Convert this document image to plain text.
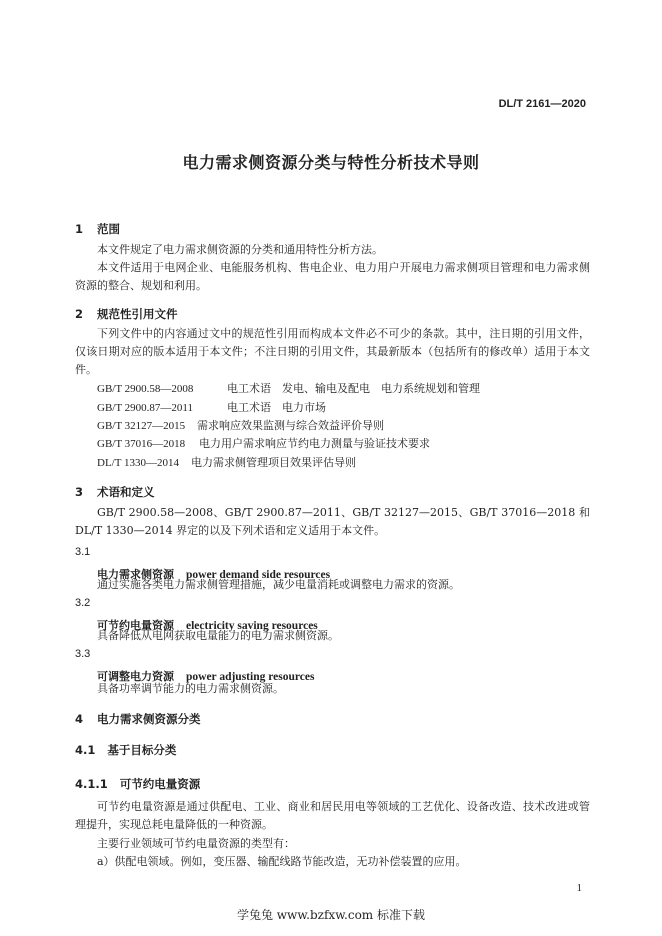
DL/T 2161—2020
电力需求侧资源分类与特性分析技术导则
1 范围
本文件规定了电力需求侧资源的分类和通用特性分析方法。
本文件适用于电网企业、电能服务机构、售电企业、电力用户开展电力需求侧项目管理和电力需求侧资源的整合、规划和利用。
2 规范性引用文件
下列文件中的内容通过文中的规范性引用而构成本文件必不可少的条款。其中，注日期的引用文件，仅该日期对应的版本适用于本文件；不注日期的引用文件，其最新版本（包括所有的修改单）适用于本文件。
GB/T 2900.58—2008	电工术语　发电、输电及配电　电力系统规划和管理
GB/T 2900.87—2011	电工术语　电力市场
GB/T 32127—2015 需求响应效果监测与综合效益评价导则
GB/T 37016—2018 电力用户需求响应节约电力测量与验证技术要求
DL/T 1330—2014 电力需求侧管理项目效果评估导则
3 术语和定义
GB/T 2900.58—2008、GB/T 2900.87—2011、GB/T 32127—2015、GB/T 37016—2018 和 DL/T 1330—2014 界定的以及下列术语和定义适用于本文件。
3.1
电力需求侧资源 power demand side resources
通过实施各类电力需求侧管理措施，减少电量消耗或调整电力需求的资源。
3.2
可节约电量资源 electricity saving resources
具备降低从电网获取电量能力的电力需求侧资源。
3.3
可调整电力资源 power adjusting resources
具备功率调节能力的电力需求侧资源。
4 电力需求侧资源分类
4.1 基于目标分类
4.1.1 可节约电量资源
可节约电量资源是通过供配电、工业、商业和居民用电等领域的工艺优化、设备改造、技术改进或管理提升，实现总耗电量降低的一种资源。
主要行业领域可节约电量资源的类型有：
a）供配电领域。例如，变压器、输配线路节能改造，无功补偿装置的应用。
1
学兔兔 www.bzfxw.com 标准下载
